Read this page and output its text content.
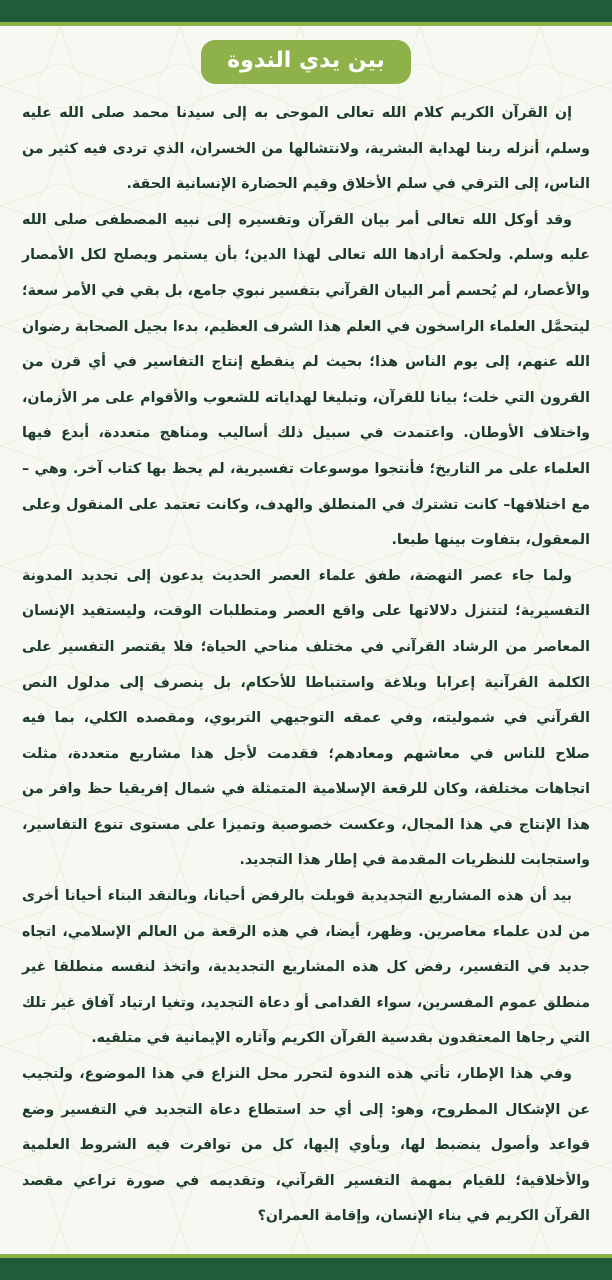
بين يدي الندوة

إن القرآن الكريم كلام الله تعالى الموحى به إلى سيدنا محمد صلى الله عليه وسلم، أنزله ربنا لهداية البشرية، ولانتشالها من الخسران، الذي تردى فيه كثير من الناس، إلى الترقي في سلم الأخلاق وقيم الحضارة الإنسانية الحقة.

وقد أوكل الله تعالى أمر بيان القرآن وتفسيره إلى نبيه المصطفى صلى الله عليه وسلم. ولحكمة أرادها الله تعالى لهذا الدين؛ بأن يستمر ويصلح لكل الأمصار والأعصار، لم يُحسم أمر البيان القرآني بتفسير نبوي جامع، بل بقي في الأمر سعة؛ ليتحمَّل العلماء الراسخون في العلم هذا الشرف العظيم، بدءا بجيل الصحابة رضوان الله عنهم، إلى يوم الناس هذا؛ بحيث لم ينقطع إنتاج التفاسير في أي قرن من القرون التي خلت؛ بيانا للقرآن، وتبليغا لهداياته للشعوب والأقوام على مر الأزمان، واختلاف الأوطان. واعتمدت في سبيل ذلك أساليب ومناهج متعددة، أبدع فيها العلماء على مر التاريخ؛ فأنتجوا موسوعات تفسيرية، لم يحظ بها كتاب آخر. وهي –مع اختلافها– كانت تشترك في المنطلق والهدف، وكانت تعتمد على المنقول وعلى المعقول، بتفاوت بينها طبعا.

ولما جاء عصر النهضة، طفق علماء العصر الحديث يدعون إلى تجديد المدونة التفسيرية؛ لتتنزل دلالاتها على واقع العصر ومتطلبات الوقت، وليستفيد الإنسان المعاصر من الرشاد القرآني في مختلف مناحي الحياة؛ فلا يقتصر التفسير على الكلمة القرآنية إعرابا وبلاغة واستنباطا للأحكام، بل ينصرف إلى مدلول النص القرآني في شموليته، وفي عمقه التوجيهي التربوي، ومقصده الكلي، بما فيه صلاح للناس في معاشهم ومعادهم؛ فقدمت لأجل هذا مشاريع متعددة، مثلت اتجاهات مختلفة، وكان للرقعة الإسلامية المتمثلة في شمال إفريقيا حظ وافر من هذا الإنتاج في هذا المجال، وعكست خصوصية وتميزا على مستوى تنوع التفاسير، واستجابت للنظريات المقدمة في إطار هذا التجديد.

بيد أن هذه المشاريع التجديدية قوبلت بالرفض أحيانا، وبالنقد البناء أحيانا أخرى من لدن علماء معاصرين. وظهر، أيضا، في هذه الرقعة من العالم الإسلامي، اتجاه جديد في التفسير، رفض كل هذه المشاريع التجديدية، واتخذ لنفسه منطلقا غير منطلق عموم المفسرين، سواء القدامى أو دعاة التجديد، وتغيا ارتياد آفاق غير تلك التي رجاها المعتقدون بقدسية القرآن الكريم وآثاره الإيمانية في متلقيه.

وفي هذا الإطار، تأتي هذه الندوة لتحرر محل النزاع في هذا الموضوع، ولتجيب عن الإشكال المطروح، وهو: إلى أي حد استطاع دعاة التجديد في التفسير وضع قواعد وأصول ينضبط لها، ويأوي إليها، كل من توافرت فيه الشروط العلمية والأخلاقية؛ للقيام بمهمة التفسير القرآني، وتقديمه في صورة تراعي مقصد القرآن الكريم في بناء الإنسان، وإقامة العمران؟
